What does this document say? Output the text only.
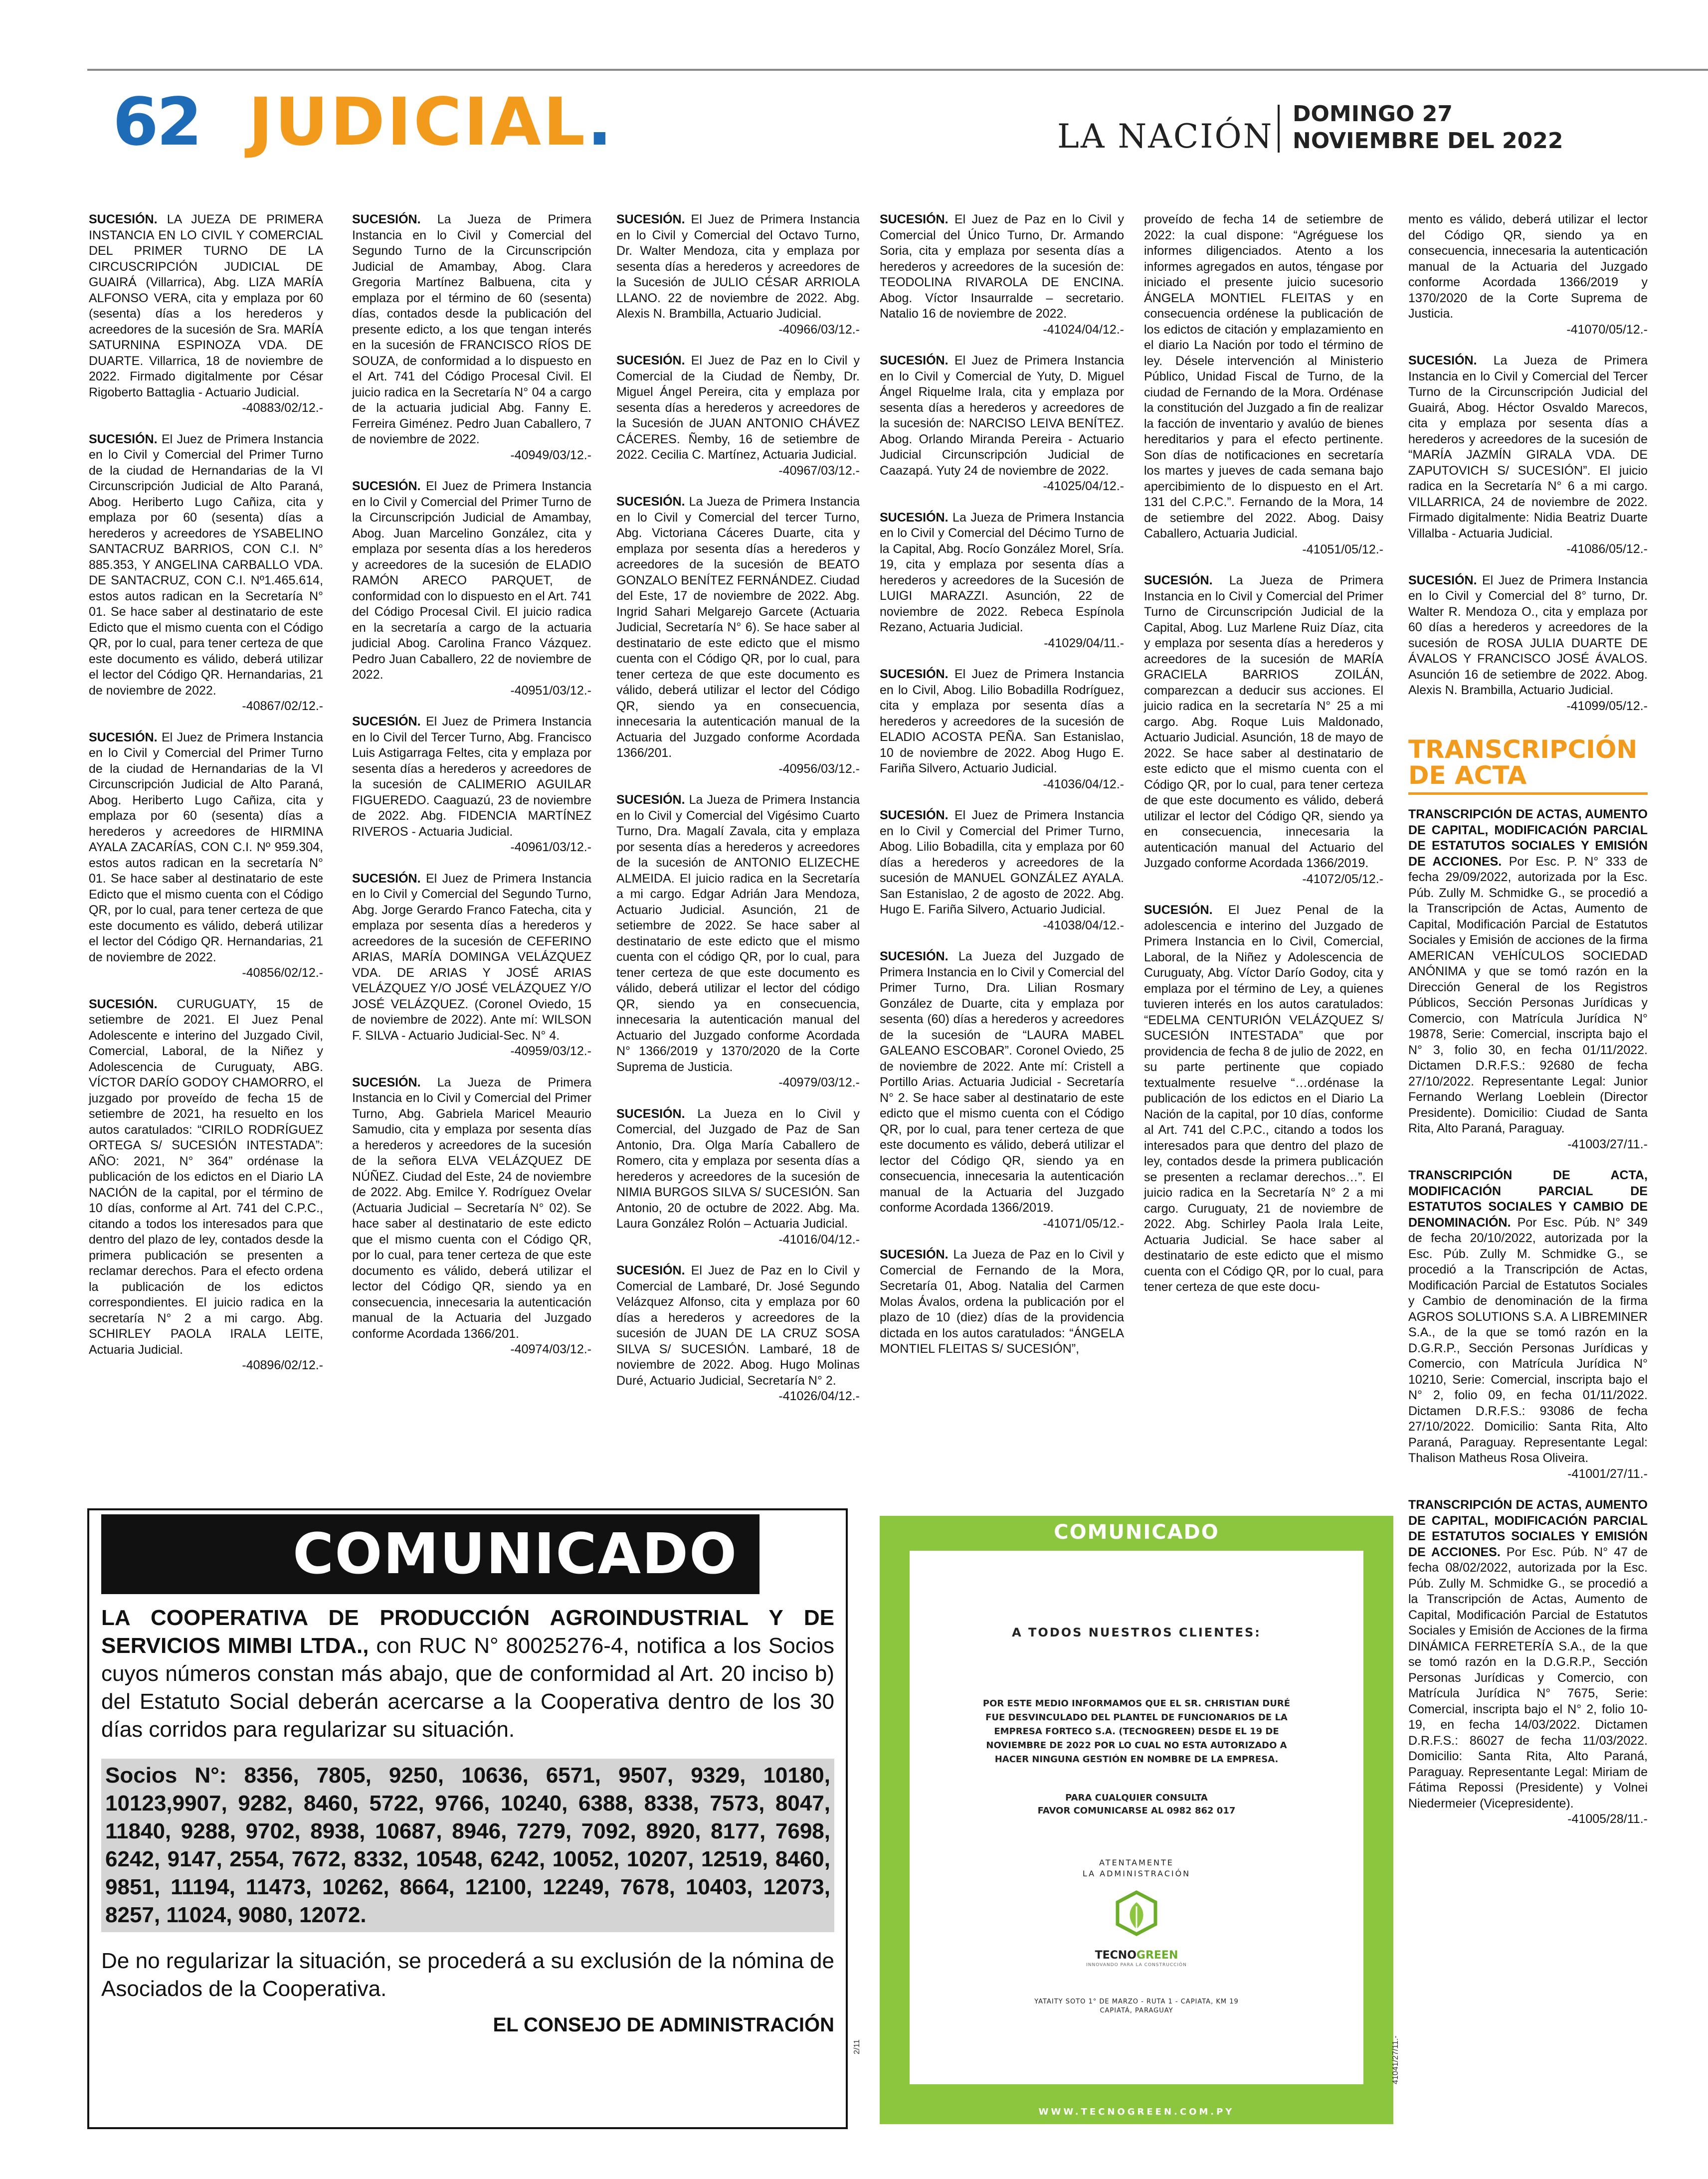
62 JUDICIAL.	LA NACIÓN
DOMINGO 27
NOVIEMBRE DEL 2022

SUCESIÓN. LA JUEZA DE PRIMERA INSTANCIA EN LO CIVIL Y COMERCIAL DEL PRIMER TURNO DE LA CIRCUSCRIPCIÓN JUDICIAL DE GUAIRÁ (Villarrica), Abg. LIZA MARÍA ALFONSO VERA, cita y emplaza por 60 (sesenta) días a los herederos y acreedores de la sucesión de Sra. MARÍA SATURNINA ESPINOZA VDA. DE DUARTE. Villarrica, 18 de noviembre de 2022. Firmado digitalmente por César Rigoberto Battaglia - Actuario Judicial.
-40883/02/12.-

SUCESIÓN. El Juez de Primera Instancia en lo Civil y Comercial del Primer Turno de la ciudad de Hernandarias de la VI Circunscripción Judicial de Alto Paraná, Abog. Heriberto Lugo Cañiza, cita y emplaza por 60 (sesenta) días a herederos y acreedores de YSABELINO SANTACRUZ BARRIOS, CON C.I. N° 885.353, Y ANGELINA CARBALLO VDA. DE SANTACRUZ, CON C.I. Nº1.465.614, estos autos radican en la Secretaría N° 01. Se hace saber al destinatario de este Edicto que el mismo cuenta con el Código QR, por lo cual, para tener certeza de que este documento es válido, deberá utilizar el lector del Código QR. Hernandarias, 21 de noviembre de 2022.
-40867/02/12.-

SUCESIÓN. El Juez de Primera Instancia en lo Civil y Comercial del Primer Turno de la ciudad de Hernandarias de la VI Circunscripción Judicial de Alto Paraná, Abog. Heriberto Lugo Cañiza, cita y emplaza por 60 (sesenta) días a herederos y acreedores de HIRMINA AYALA ZACARÍAS, CON C.I. Nº 959.304, estos autos radican en la secretaría N° 01. Se hace saber al destinatario de este Edicto que el mismo cuenta con el Código QR, por lo cual, para tener certeza de que este documento es válido, deberá utilizar el lector del Código QR. Hernandarias, 21 de noviembre de 2022.
-40856/02/12.-

SUCESIÓN. CURUGUATY, 15 de setiembre de 2021. El Juez Penal Adolescente e interino del Juzgado Civil, Comercial, Laboral, de la Niñez y Adolescencia de Curuguaty, ABG. VÍCTOR DARÍO GODOY CHAMORRO, el juzgado por proveído de fecha 15 de setiembre de 2021, ha resuelto en los autos caratulados: “CIRILO RODRÍGUEZ ORTEGA S/ SUCESIÓN INTESTADA”: AÑO: 2021, N° 364” ordénase la publicación de los edictos en el Diario LA NACIÓN de la capital, por el término de 10 días, conforme al Art. 741 del C.P.C., citando a todos los interesados para que dentro del plazo de ley, contados desde la primera publicación se presenten a reclamar derechos. Para el efecto ordena la publicación de los edictos correspondientes. El juicio radica en la secretaría N° 2 a mi cargo. Abg. SCHIRLEY PAOLA IRALA LEITE, Actuaria Judicial.
-40896/02/12.-

SUCESIÓN. La Jueza de Primera Instancia en lo Civil y Comercial del Segundo Turno de la Circunscripción Judicial de Amambay, Abog. Clara Gregoria Martínez Balbuena, cita y emplaza por el término de 60 (sesenta) días, contados desde la publicación del presente edicto, a los que tengan interés en la sucesión de FRANCISCO RÍOS DE SOUZA, de conformidad a lo dispuesto en el Art. 741 del Código Procesal Civil. El juicio radica en la Secretaría N° 04 a cargo de la actuaria judicial Abg. Fanny E. Ferreira Giménez. Pedro Juan Caballero, 7 de noviembre de 2022.
-40949/03/12.-

SUCESIÓN. El Juez de Primera Instancia en lo Civil y Comercial del Primer Turno de la Circunscripción Judicial de Amambay, Abog. Juan Marcelino González, cita y emplaza por sesenta días a los herederos y acreedores de la sucesión de ELADIO RAMÓN ARECO PARQUET, de conformidad con lo dispuesto en el Art. 741 del Código Procesal Civil. El juicio radica en la secretaría a cargo de la actuaria judicial Abog. Carolina Franco Vázquez. Pedro Juan Caballero, 22 de noviembre de 2022.
-40951/03/12.-

SUCESIÓN. El Juez de Primera Instancia en lo Civil del Tercer Turno, Abg. Francisco Luis Astigarraga Feltes, cita y emplaza por sesenta días a herederos y acreedores de la sucesión de CALIMERIO AGUILAR FIGUEREDO. Caaguazú, 23 de noviembre de 2022. Abg. FIDENCIA MARTÍNEZ RIVEROS - Actuaria Judicial.
-40961/03/12.-

SUCESIÓN. El Juez de Primera Instancia en lo Civil y Comercial del Segundo Turno, Abg. Jorge Gerardo Franco Fatecha, cita y emplaza por sesenta días a herederos y acreedores de la sucesión de CEFERINO ARIAS, MARÍA DOMINGA VELÁZQUEZ VDA. DE ARIAS Y JOSÉ ARIAS VELÁZQUEZ Y/O JOSÉ VELÁZQUEZ Y/O JOSÉ VELÁZQUEZ. (Coronel Oviedo, 15 de noviembre de 2022). Ante mí: WILSON F. SILVA - Actuario Judicial-Sec. N° 4.
-40959/03/12.-

SUCESIÓN. La Jueza de Primera Instancia en lo Civil y Comercial del Primer Turno, Abg. Gabriela Maricel Meaurio Samudio, cita y emplaza por sesenta días a herederos y acreedores de la sucesión de la señora ELVA VELÁZQUEZ DE NÚÑEZ. Ciudad del Este, 24 de noviembre de 2022. Abg. Emilce Y. Rodríguez Ovelar (Actuaria Judicial – Secretaría N° 02). Se hace saber al destinatario de este edicto que el mismo cuenta con el Código QR, por lo cual, para tener certeza de que este documento es válido, deberá utilizar el lector del Código QR, siendo ya en consecuencia, innecesaria la autenticación manual de la Actuaria del Juzgado conforme Acordada 1366/201.
-40974/03/12.-

SUCESIÓN. El Juez de Primera Instancia en lo Civil y Comercial del Octavo Turno, Dr. Walter Mendoza, cita y emplaza por sesenta días a herederos y acreedores de la Sucesión de JULIO CÉSAR ARRIOLA LLANO. 22 de noviembre de 2022. Abg. Alexis N. Brambilla, Actuario Judicial.
-40966/03/12.-

SUCESIÓN. El Juez de Paz en lo Civil y Comercial de la Ciudad de Ñemby, Dr. Miguel Ángel Pereira, cita y emplaza por sesenta días a herederos y acreedores de la Sucesión de JUAN ANTONIO CHÁVEZ CÁCERES. Ñemby, 16 de setiembre de 2022. Cecilia C. Martínez, Actuaria Judicial.
-40967/03/12.-

SUCESIÓN. La Jueza de Primera Instancia en lo Civil y Comercial del tercer Turno, Abg. Victoriana Cáceres Duarte, cita y emplaza por sesenta días a herederos y acreedores de la sucesión de BEATO GONZALO BENÍTEZ FERNÁNDEZ. Ciudad del Este, 17 de noviembre de 2022. Abg. Ingrid Sahari Melgarejo Garcete (Actuaria Judicial, Secretaría N° 6). Se hace saber al destinatario de este edicto que el mismo cuenta con el Código QR, por lo cual, para tener certeza de que este documento es válido, deberá utilizar el lector del Código QR, siendo ya en consecuencia, innecesaria la autenticación manual de la Actuaria del Juzgado conforme Acordada 1366/201.
-40956/03/12.-

SUCESIÓN. La Jueza de Primera Instancia en lo Civil y Comercial del Vigésimo Cuarto Turno, Dra. Magalí Zavala, cita y emplaza por sesenta días a herederos y acreedores de la sucesión de ANTONIO ELIZECHE ALMEIDA. El juicio radica en la Secretaría a mi cargo. Edgar Adrián Jara Mendoza, Actuario Judicial. Asunción, 21 de setiembre de 2022. Se hace saber al destinatario de este edicto que el mismo cuenta con el código QR, por lo cual, para tener certeza de que este documento es válido, deberá utilizar el lector del código QR, siendo ya en consecuencia, innecesaria la autenticación manual del Actuario del Juzgado conforme Acordada N° 1366/2019 y 1370/2020 de la Corte Suprema de Justicia.
-40979/03/12.-

SUCESIÓN. La Jueza en lo Civil y Comercial, del Juzgado de Paz de San Antonio, Dra. Olga María Caballero de Romero, cita y emplaza por sesenta días a herederos y acreedores de la sucesión de NIMIA BURGOS SILVA S/ SUCESIÓN. San Antonio, 20 de octubre de 2022. Abg. Ma. Laura González Rolón – Actuaria Judicial.
-41016/04/12.-

SUCESIÓN. El Juez de Paz en lo Civil y Comercial de Lambaré, Dr. José Segundo Velázquez Alfonso, cita y emplaza por 60 días a herederos y acreedores de la sucesión de JUAN DE LA CRUZ SOSA SILVA S/ SUCESIÓN. Lambaré, 18 de noviembre de 2022. Abog. Hugo Molinas Duré, Actuario Judicial, Secretaría N° 2.
-41026/04/12.-

SUCESIÓN. El Juez de Paz en lo Civil y Comercial del Único Turno, Dr. Armando Soria, cita y emplaza por sesenta días a herederos y acreedores de la sucesión de: TEODOLINA RIVAROLA DE ENCINA. Abog. Víctor Insaurralde – secretario. Natalio 16 de noviembre de 2022.
-41024/04/12.-

SUCESIÓN. El Juez de Primera Instancia en lo Civil y Comercial de Yuty, D. Miguel Ángel Riquelme Irala, cita y emplaza por sesenta días a herederos y acreedores de la sucesión de: NARCISO LEIVA BENÍTEZ. Abog. Orlando Miranda Pereira - Actuario Judicial Circunscripción Judicial de Caazapá. Yuty 24 de noviembre de 2022.
-41025/04/12.-

SUCESIÓN. La Jueza de Primera Instancia en lo Civil y Comercial del Décimo Turno de la Capital, Abg. Rocío González Morel, Sría. 19, cita y emplaza por sesenta días a herederos y acreedores de la Sucesión de LUIGI MARAZZI. Asunción, 22 de noviembre de 2022. Rebeca Espínola Rezano, Actuaria Judicial.
-41029/04/11.-

SUCESIÓN. El Juez de Primera Instancia en lo Civil, Abog. Lilio Bobadilla Rodríguez, cita y emplaza por sesenta días a herederos y acreedores de la sucesión de ELADIO ACOSTA PEÑA. San Estanislao, 10 de noviembre de 2022. Abog Hugo E. Fariña Silvero, Actuario Judicial.
-41036/04/12.-

SUCESIÓN. El Juez de Primera Instancia en lo Civil y Comercial del Primer Turno, Abog. Lilio Bobadilla, cita y emplaza por 60 días a herederos y acreedores de la sucesión de MANUEL GONZÁLEZ AYALA. San Estanislao, 2 de agosto de 2022. Abg. Hugo E. Fariña Silvero, Actuario Judicial.
-41038/04/12.-

SUCESIÓN. La Jueza del Juzgado de Primera Instancia en lo Civil y Comercial del Primer Turno, Dra. Lilian Rosmary González de Duarte, cita y emplaza por sesenta (60) días a herederos y acreedores de la sucesión de “LAURA MABEL GALEANO ESCOBAR”. Coronel Oviedo, 25 de noviembre de 2022. Ante mí: Cristell a Portillo Arias. Actuaria Judicial - Secretaría N° 2. Se hace saber al destinatario de este edicto que el mismo cuenta con el Código QR, por lo cual, para tener certeza de que este documento es válido, deberá utilizar el lector del Código QR, siendo ya en consecuencia, innecesaria la autenticación manual de la Actuaria del Juzgado conforme Acordada 1366/2019.
-41071/05/12.-

SUCESIÓN. La Jueza de Paz en lo Civil y Comercial de Fernando de la Mora, Secretaría 01, Abog. Natalia del Carmen Molas Ávalos, ordena la publicación por el plazo de 10 (diez) días de la providencia dictada en los autos caratulados: “ÁNGELA MONTIEL FLEITAS S/ SUCESIÓN”,

proveído de fecha 14 de setiembre de 2022: la cual dispone: “Agréguese los informes diligenciados. Atento a los informes agregados en autos, téngase por iniciado el presente juicio sucesorio ÁNGELA MONTIEL FLEITAS y en consecuencia ordénese la publicación de los edictos de citación y emplazamiento en el diario La Nación por todo el término de ley. Désele intervención al Ministerio Público, Unidad Fiscal de Turno, de la ciudad de Fernando de la Mora. Ordénase la constitución del Juzgado a fin de realizar la facción de inventario y avalúo de bienes hereditarios y para el efecto pertinente. Son días de notificaciones en secretaría los martes y jueves de cada semana bajo apercibimiento de lo dispuesto en el Art. 131 del C.P.C.”. Fernando de la Mora, 14 de setiembre del 2022. Abog. Daisy Caballero, Actuaria Judicial.
-41051/05/12.-

SUCESIÓN. La Jueza de Primera Instancia en lo Civil y Comercial del Primer Turno de Circunscripción Judicial de la Capital, Abog. Luz Marlene Ruiz Díaz, cita y emplaza por sesenta días a herederos y acreedores de la sucesión de MARÍA GRACIELA BARRIOS ZOILÁN, comparezcan a deducir sus acciones. El juicio radica en la secretaría N° 25 a mi cargo. Abg. Roque Luis Maldonado, Actuario Judicial. Asunción, 18 de mayo de 2022. Se hace saber al destinatario de este edicto que el mismo cuenta con el Código QR, por lo cual, para tener certeza de que este documento es válido, deberá utilizar el lector del Código QR, siendo ya en consecuencia, innecesaria la autenticación manual del Actuario del Juzgado conforme Acordada 1366/2019.
-41072/05/12.-

SUCESIÓN. El Juez Penal de la adolescencia e interino del Juzgado de Primera Instancia en lo Civil, Comercial, Laboral, de la Niñez y Adolescencia de Curuguaty, Abg. Víctor Darío Godoy, cita y emplaza por el término de Ley, a quienes tuvieren interés en los autos caratulados: “EDELMA CENTURIÓN VELÁZQUEZ S/ SUCESIÓN INTESTADA” que por providencia de fecha 8 de julio de 2022, en su parte pertinente que copiado textualmente resuelve “…ordénase la publicación de los edictos en el Diario La Nación de la capital, por 10 días, conforme al Art. 741 del C.P.C., citando a todos los interesados para que dentro del plazo de ley, contados desde la primera publicación se presenten a reclamar derechos…”. El juicio radica en la Secretaría N° 2 a mi cargo. Curuguaty, 21 de noviembre de 2022. Abg. Schirley Paola Irala Leite, Actuaria Judicial. Se hace saber al destinatario de este edicto que el mismo cuenta con el Código QR, por lo cual, para tener certeza de que este docu-

mento es válido, deberá utilizar el lector del Código QR, siendo ya en consecuencia, innecesaria la autenticación manual de la Actuaria del Juzgado conforme Acordada 1366/2019 y 1370/2020 de la Corte Suprema de Justicia.
-41070/05/12.-

SUCESIÓN. La Jueza de Primera Instancia en lo Civil y Comercial del Tercer Turno de la Circunscripción Judicial del Guairá, Abog. Héctor Osvaldo Marecos, cita y emplaza por sesenta días a herederos y acreedores de la sucesión de “MARÍA JAZMÍN GIRALA VDA. DE ZAPUTOVICH S/ SUCESIÓN”. El juicio radica en la Secretaría N° 6 a mi cargo. VILLARRICA, 24 de noviembre de 2022. Firmado digitalmente: Nidia Beatriz Duarte Villalba - Actuaria Judicial.
-41086/05/12.-

SUCESIÓN. El Juez de Primera Instancia en lo Civil y Comercial del 8° turno, Dr. Walter R. Mendoza O., cita y emplaza por 60 días a herederos y acreedores de la sucesión de ROSA JULIA DUARTE DE ÁVALOS Y FRANCISCO JOSÉ ÁVALOS. Asunción 16 de setiembre de 2022. Abog. Alexis N. Brambilla, Actuario Judicial.
-41099/05/12.-

TRANSCRIPCIÓN
DE ACTA

TRANSCRIPCIÓN DE ACTAS, AUMENTO DE CAPITAL, MODIFICACIÓN PARCIAL DE ESTATUTOS SOCIALES Y EMISIÓN DE ACCIONES. Por Esc. P. N° 333 de fecha 29/09/2022, autorizada por la Esc. Púb. Zully M. Schmidke G., se procedió a la Transcripción de Actas, Aumento de Capital, Modificación Parcial de Estatutos Sociales y Emisión de acciones de la firma AMERICAN VEHÍCULOS SOCIEDAD ANÓNIMA y que se tomó razón en la Dirección General de los Registros Públicos, Sección Personas Jurídicas y Comercio, con Matrícula Jurídica N° 19878, Serie: Comercial, inscripta bajo el N° 3, folio 30, en fecha 01/11/2022. Dictamen D.R.F.S.: 92680 de fecha 27/10/2022. Representante Legal: Junior Fernando Werlang Loeblein (Director Presidente). Domicilio: Ciudad de Santa Rita, Alto Paraná, Paraguay.
-41003/27/11.-

TRANSCRIPCIÓN DE ACTA, MODIFICACIÓN PARCIAL DE ESTATUTOS SOCIALES Y CAMBIO DE DENOMINACIÓN. Por Esc. Púb. N° 349 de fecha 20/10/2022, autorizada por la Esc. Púb. Zully M. Schmidke G., se procedió a la Transcripción de Actas, Modificación Parcial de Estatutos Sociales y Cambio de denominación de la firma AGROS SOLUTIONS S.A. A LIBREMINER S.A., de la que se tomó razón en la D.G.R.P., Sección Personas Jurídicas y Comercio, con Matrícula Jurídica N° 10210, Serie: Comercial, inscripta bajo el N° 2, folio 09, en fecha 01/11/2022. Dictamen D.R.F.S.: 93086 de fecha 27/10/2022. Domicilio: Santa Rita, Alto Paraná, Paraguay. Representante Legal: Thalison Matheus Rosa Oliveira.
-41001/27/11.-

TRANSCRIPCIÓN DE ACTAS, AUMENTO DE CAPITAL, MODIFICACIÓN PARCIAL DE ESTATUTOS SOCIALES Y EMISIÓN DE ACCIONES. Por Esc. Púb. N° 47 de fecha 08/02/2022, autorizada por la Esc. Púb. Zully M. Schmidke G., se procedió a la Transcripción de Actas, Aumento de Capital, Modificación Parcial de Estatutos Sociales y Emisión de Acciones de la firma DINÁMICA FERRETERÍA S.A., de la que se tomó razón en la D.G.R.P., Sección Personas Jurídicas y Comercio, con Matrícula Jurídica N° 7675, Serie: Comercial, inscripta bajo el N° 2, folio 10-19, en fecha 14/03/2022. Dictamen D.R.F.S.: 86027 de fecha 11/03/2022. Domicilio: Santa Rita, Alto Paraná, Paraguay. Representante Legal: Miriam de Fátima Repossi (Presidente) y Volnei Niedermeier (Vicepresidente).
-41005/28/11.-

COMUNICADO

LA COOPERATIVA DE PRODUCCIÓN AGROINDUSTRIAL Y DE SERVICIOS MIMBI LTDA., con RUC N° 80025276-4, notifica a los Socios cuyos números constan más abajo, que de conformidad al Art. 20 inciso b) del Estatuto Social deberán acercarse a la Cooperativa dentro de los 30 días corridos para regularizar su situación.

Socios N°: 8356, 7805, 9250, 10636, 6571, 9507, 9329, 10180, 10123,9907, 9282, 8460, 5722, 9766, 10240, 6388, 8338, 7573, 8047, 11840, 9288, 9702, 8938, 10687, 8946, 7279, 7092, 8920, 8177, 7698, 6242, 9147, 2554, 7672, 8332, 10548, 6242, 10052, 10207, 12519, 8460, 9851, 11194, 11473, 10262, 8664, 12100, 12249, 7678, 10403, 12073, 8257, 11024, 9080, 12072.

De no regularizar la situación, se procederá a su exclusión de la nómina de Asociados de la Cooperativa.

EL CONSEJO DE ADMINISTRACIÓN
2/11
COMUNICADO
A TODOS NUESTROS CLIENTES:
POR ESTE MEDIO INFORMAMOS QUE EL SR. CHRISTIAN DURÉ FUE DESVINCULADO DEL PLANTEL DE FUNCIONARIOS DE LA EMPRESA FORTECO S.A. (TECNOGREEN) DESDE EL 19 DE NOVIEMBRE DE 2022 POR LO CUAL NO ESTA AUTORIZADO A HACER NINGUNA GESTIÓN EN NOMBRE DE LA EMPRESA.
PARA CUALQUIER CONSULTA
FAVOR COMUNICARSE AL 0982 862 017
ATENTAMENTE
LA ADMINISTRACIÓN
TECNOGREEN
INNOVANDO PARA LA CONSTRUCCIÓN
YATAITY SOTO 1° DE MARZO - RUTA 1 - CAPIATA, KM 19
CAPIATÁ, PARAGUAY
WWW.TECNOGREEN.COM.PY
41041/27/11.-
